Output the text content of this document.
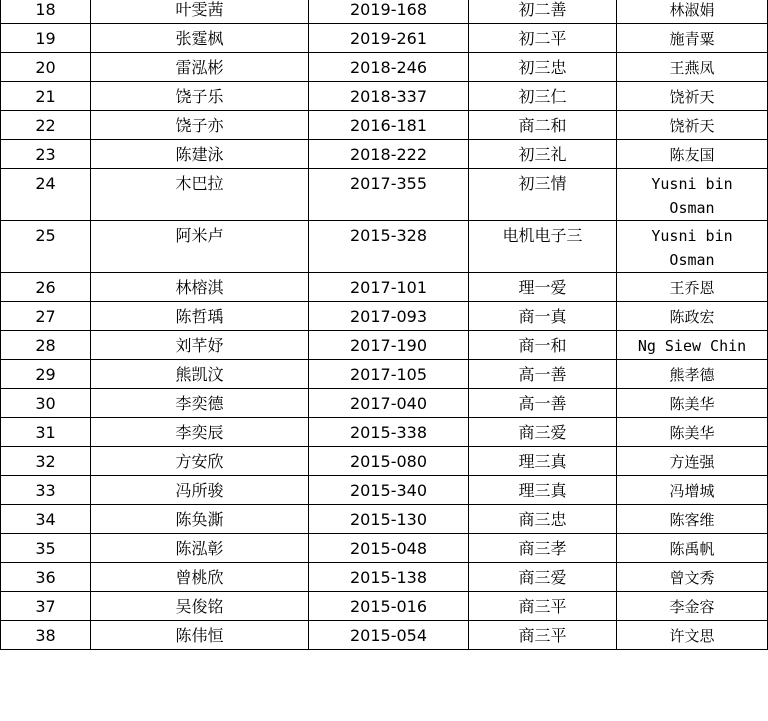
18	叶雯茜	2019-168	初二善	林淑娟
19	张霆枫	2019-261	初二平	施青粟
20	雷泓彬	2018-246	初三忠	王燕凤
21	饶子乐	2018-337	初三仁	饶祈天
22	饶子亦	2016-181	商二和	饶祈天
23	陈建泳	2018-222	初三礼	陈友国
24	木巴拉	2017-355	初三情	Yusni bin
Osman

25	阿米卢	2015-328	电机电子三	Yusni bin
Osman

26	林榕淇	2017-101	理一爱	王乔恩
27	陈哲瑀	2017-093	商一真	陈政宏
28	刘芊妤	2017-190	商一和	Ng Siew Chin
29	熊凯汶	2017-105	高一善	熊孝德
30	李奕德	2017-040	高一善	陈美华
31	李奕辰	2015-338	商三爱	陈美华
32	方安欣	2015-080	理三真	方连强
33	冯所骏	2015-340	理三真	冯增城
34	陈奂澌	2015-130	商三忠	陈客维
35	陈泓彰	2015-048	商三孝	陈禹帆
36	曾桃欣	2015-138	商三爱	曾文秀
37	吴俊铭	2015-016	商三平	李金容
38	陈伟恒	2015-054	商三平	许文思
